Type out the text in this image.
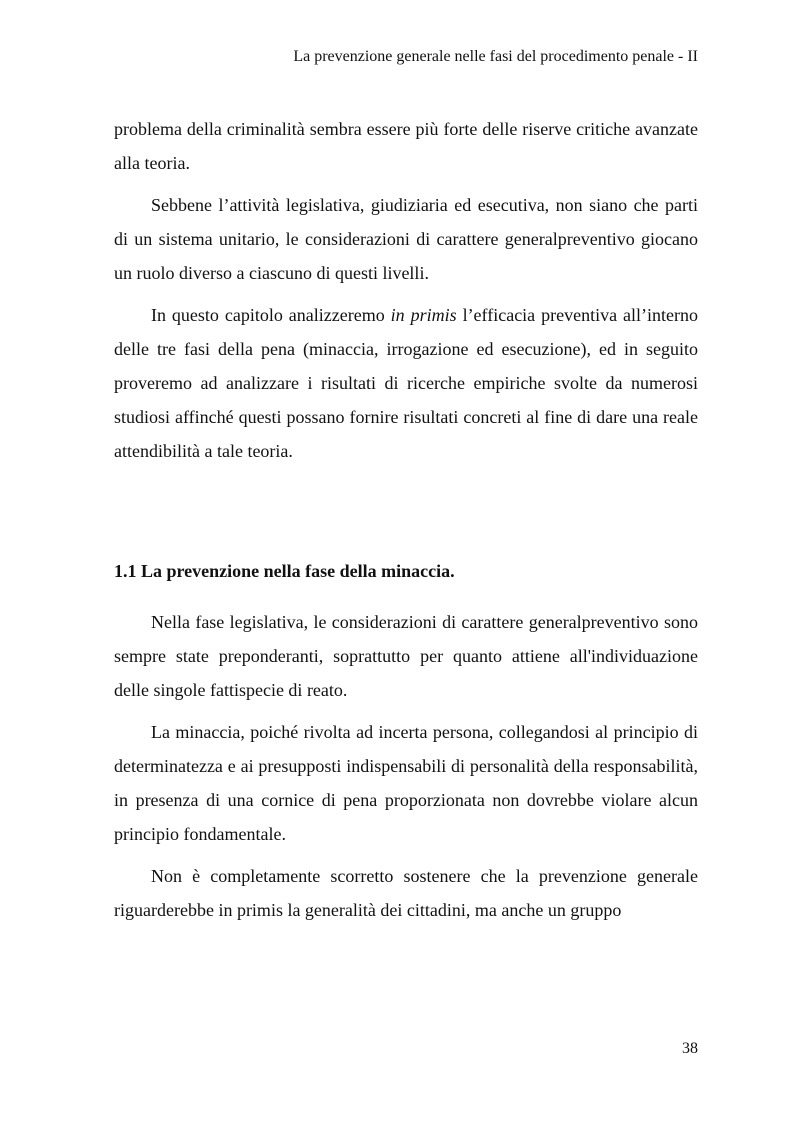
La prevenzione generale nelle fasi del procedimento penale - II

problema della criminalità sembra essere più forte delle riserve critiche avanzate alla teoria.

Sebbene l’attività legislativa, giudiziaria ed esecutiva, non siano che parti di un sistema unitario, le considerazioni di carattere generalpreventivo giocano un ruolo diverso a ciascuno di questi livelli.

In questo capitolo analizzeremo in primis l’efficacia preventiva all’interno delle tre fasi della pena (minaccia, irrogazione ed esecuzione), ed in seguito proveremo ad analizzare i risultati di ricerche empiriche svolte da numerosi studiosi affinché questi possano fornire risultati concreti al fine di dare una reale attendibilità a tale teoria.

1.1 La prevenzione nella fase della minaccia.

Nella fase legislativa, le considerazioni di carattere generalpreventivo sono sempre state preponderanti, soprattutto per quanto attiene all'individuazione delle singole fattispecie di reato.

La minaccia, poiché rivolta ad incerta persona, collegandosi al principio di determinatezza e ai presupposti indispensabili di personalità della responsabilità, in presenza di una cornice di pena proporzionata non dovrebbe violare alcun principio fondamentale.

Non è completamente scorretto sostenere che la prevenzione generale riguarderebbe in primis la generalità dei cittadini, ma anche un gruppo

38
